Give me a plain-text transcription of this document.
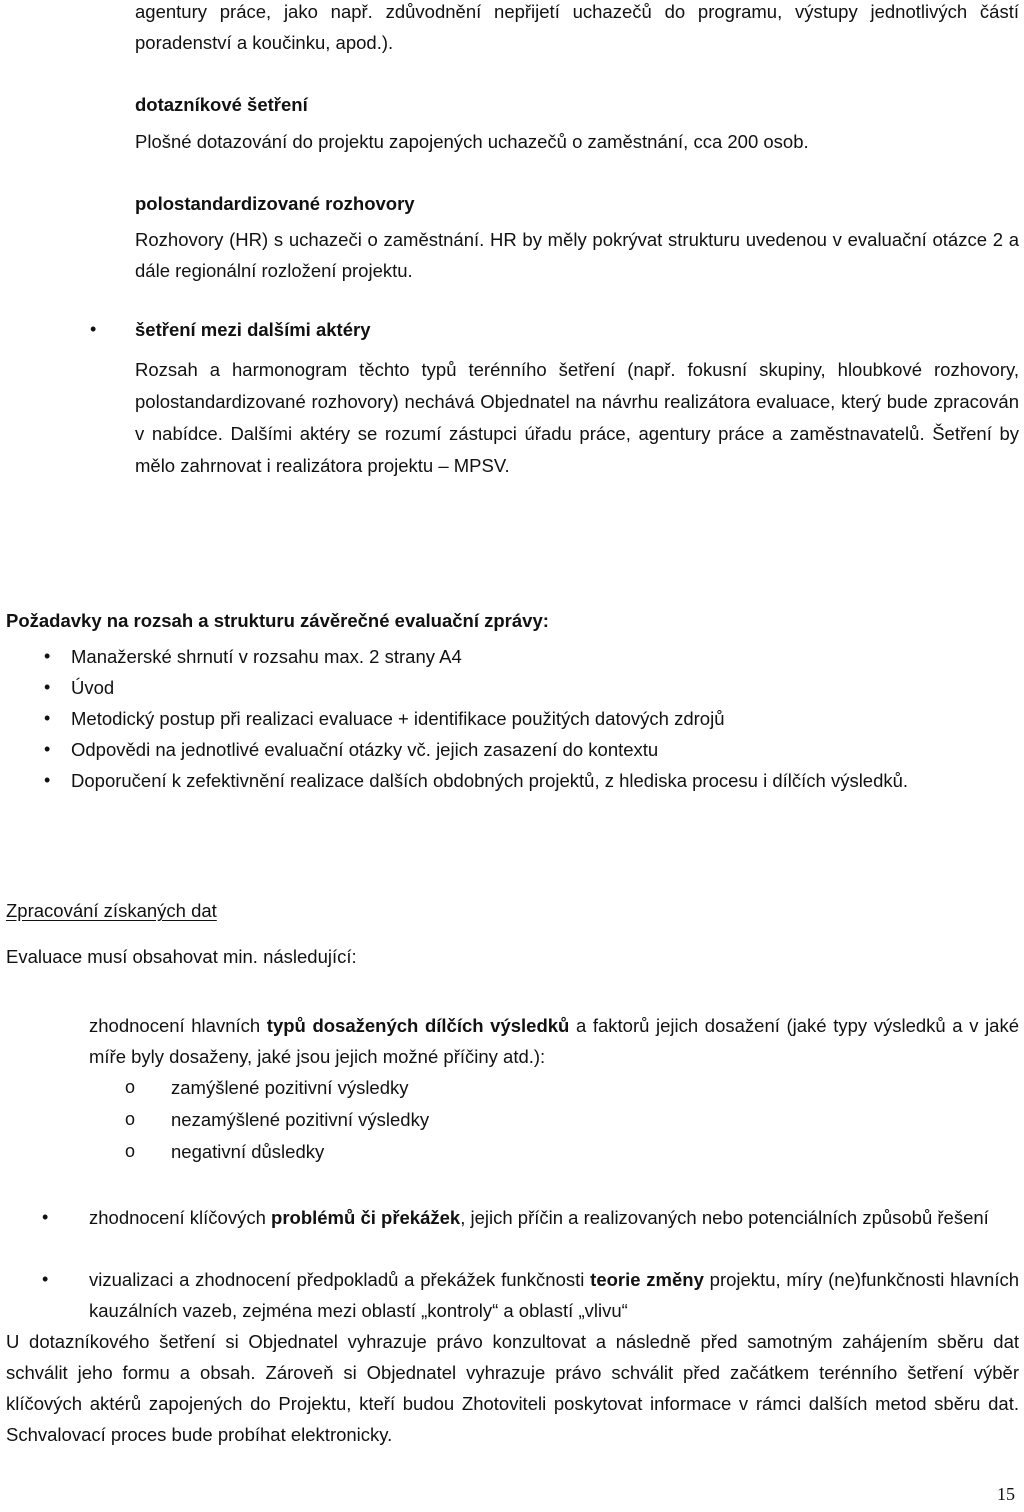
agentury práce, jako např. zdůvodnění nepřijetí uchazečů do programu, výstupy jednotlivých částí poradenství a koučinku, apod.).
dotazníkové šetření
Plošné dotazování do projektu zapojených uchazečů o zaměstnání, cca 200 osob.
polostandardizované rozhovory
Rozhovory (HR) s uchazeči o zaměstnání. HR by měly pokrývat strukturu uvedenou v evaluační otázce 2 a dále regionální rozložení projektu.
• šetření mezi dalšími aktéry
Rozsah a harmonogram těchto typů terénního šetření (např. fokusní skupiny, hloubkové rozhovory, polostandardizované rozhovory) nechává Objednatel na návrhu realizátora evaluace, který bude zpracován v nabídce. Dalšími aktéry se rozumí zástupci úřadu práce, agentury práce a zaměstnavatelů. Šetření by mělo zahrnovat i realizátora projektu – MPSV.
Požadavky na rozsah a strukturu závěrečné evaluační zprávy:
• Manažerské shrnutí v rozsahu max. 2 strany A4
• Úvod
• Metodický postup při realizaci evaluace + identifikace použitých datových zdrojů
• Odpovědi na jednotlivé evaluační otázky vč. jejich zasazení do kontextu
• Doporučení k zefektivnění realizace dalších obdobných projektů, z hlediska procesu i dílčích výsledků.
Zpracování získaných dat
Evaluace musí obsahovat min. následující:
zhodnocení hlavních typů dosažených dílčích výsledků a faktorů jejich dosažení (jaké typy výsledků a v jaké míře byly dosaženy, jaké jsou jejich možné příčiny atd.):
o zamýšlené pozitivní výsledky
o nezamýšlené pozitivní výsledky
o negativní důsledky
• zhodnocení klíčových problémů či překážek, jejich příčin a realizovaných nebo potenciálních způsobů řešení
• vizualizaci a zhodnocení předpokladů a překážek funkčnosti teorie změny projektu, míry (ne)funkčnosti hlavních kauzálních vazeb, zejména mezi oblastí „kontroly“ a oblastí „vlivu“
U dotazníkového šetření si Objednatel vyhrazuje právo konzultovat a následně před samotným zahájením sběru dat schválit jeho formu a obsah. Zároveň si Objednatel vyhrazuje právo schválit před začátkem terénního šetření výběr klíčových aktérů zapojených do Projektu, kteří budou Zhotoviteli poskytovat informace v rámci dalších metod sběru dat. Schvalovací proces bude probíhat elektronicky.
15
